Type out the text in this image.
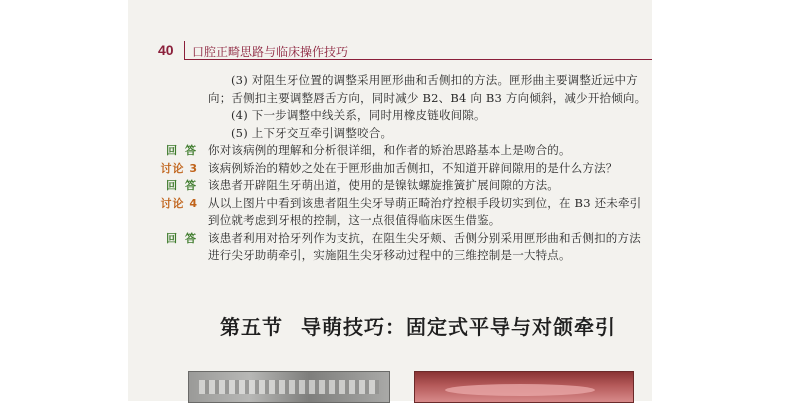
40 口腔正畸思路与临床操作技巧

(3) 对阻生牙位置的调整采用匣形曲和舌侧扣的方法。匣形曲主要调整近远中方向；舌侧扣主要调整唇舌方向，同时减少 B2、B4 向 B3 方向倾斜，减少开拾倾向。

(4) 下一步调整中线关系，同时用橡皮链收间隙。

(5) 上下牙交互牵引调整咬合。

回 答 你对该病例的理解和分析很详细，和作者的矫治思路基本上是吻合的。

讨论 3 该病例矫治的精妙之处在于匣形曲加舌侧扣，不知道开辟间隙用的是什么方法？

回 答 该患者开辟阻生牙萌出道，使用的是镍钛螺旋推簧扩展间隙的方法。

讨论 4 从以上图片中看到该患者阻生尖牙导萌正畸治疗控根手段切实到位，在 B3 还未牵引到位就考虑到牙根的控制，这一点很值得临床医生借鉴。

回 答 该患者利用对拾牙列作为支抗，在阻生尖牙颊、舌侧分别采用匣形曲和舌侧扣的方法进行尖牙助萌牵引，实施阻生尖牙移动过程中的三维控制是一大特点。

第五节 导萌技巧：固定式平导与对颌牵引
